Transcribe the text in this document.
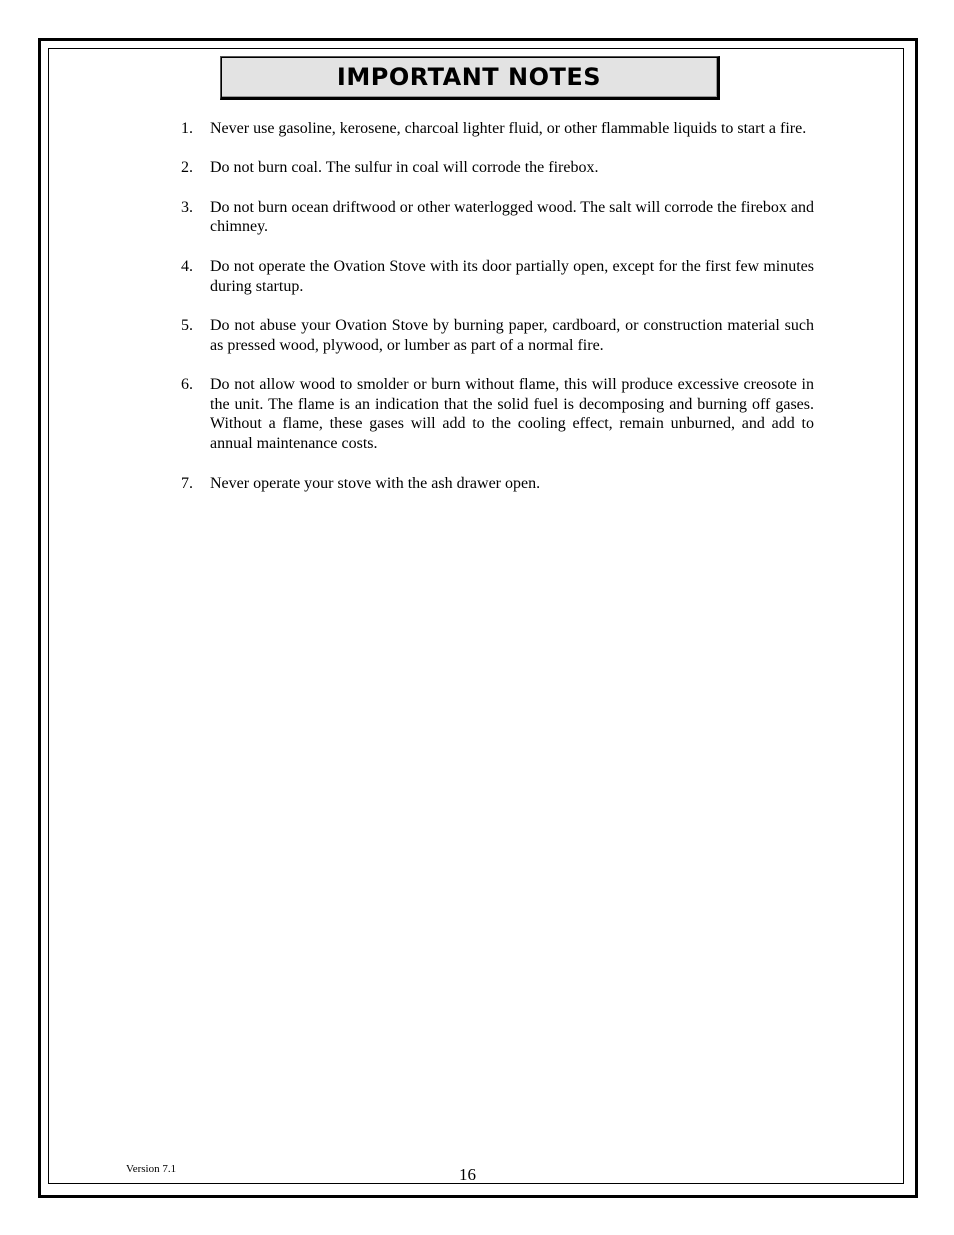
IMPORTANT NOTES
1.	Never use gasoline, kerosene, charcoal lighter fluid, or other flammable liquids to start a fire.
2.	Do not burn coal. The sulfur in coal will corrode the firebox.
3.	Do not burn ocean driftwood or other waterlogged wood. The salt will corrode the firebox and chimney.
4.	Do not operate the Ovation Stove with its door partially open, except for the first few minutes during startup.
5.	Do not abuse your Ovation Stove by burning paper, cardboard, or construction material such as pressed wood, plywood, or lumber as part of a normal fire.
6.	Do not allow wood to smolder or burn without flame, this will produce excessive creosote in the unit. The flame is an indication that the solid fuel is decomposing and burning off gases. Without a flame, these gases will add to the cooling effect, remain unburned, and add to annual maintenance costs.
7.	Never operate your stove with the ash drawer open.
Version 7.1	16
